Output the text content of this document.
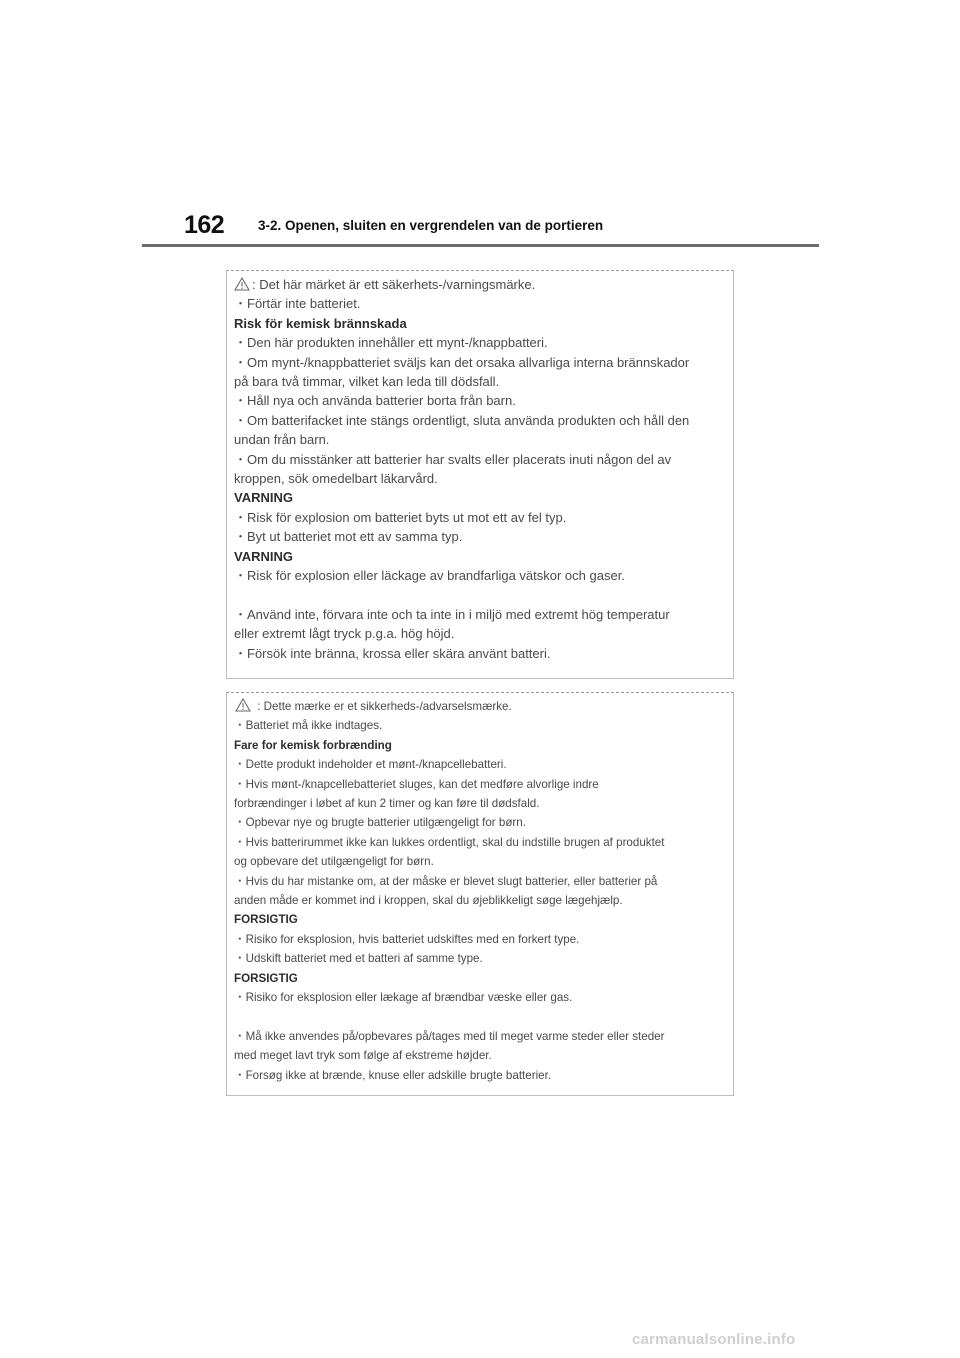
162	3-2. Openen, sluiten en vergrendelen van de portieren
: Det här märket är ett säkerhets-/varningsmärke.
・Förtär inte batteriet.
Risk för kemisk brännskada
・Den här produkten innehåller ett mynt-/knappbatteri.
・Om mynt-/knappbatteriet sväljs kan det orsaka allvarliga interna brännskador
på bara två timmar, vilket kan leda till dödsfall.
・Håll nya och använda batterier borta från barn.
・Om batterifacket inte stängs ordentligt, sluta använda produkten och håll den
undan från barn.
・Om du misstänker att batterier har svalts eller placerats inuti någon del av
kroppen, sök omedelbart läkarvård.
VARNING
・Risk för explosion om batteriet byts ut mot ett av fel typ.
・Byt ut batteriet mot ett av samma typ.
VARNING
・Risk för explosion eller läckage av brandfarliga vätskor och gaser.
・Använd inte, förvara inte och ta inte in i miljö med extremt hög temperatur
eller extremt lågt tryck p.g.a. hög höjd.
・Försök inte bränna, krossa eller skära använt batteri.
: Dette mærke er et sikkerheds-/advarselsmærke.
・Batteriet må ikke indtages.
Fare for kemisk forbrænding
・Dette produkt indeholder et mønt-/knapcellebatteri.
・Hvis mønt-/knapcellebatteriet sluges, kan det medføre alvorlige indre
forbrændinger i løbet af kun 2 timer og kan føre til dødsfald.
・Opbevar nye og brugte batterier utilgængeligt for børn.
・Hvis batterirummet ikke kan lukkes ordentligt, skal du indstille brugen af produktet
og opbevare det utilgængeligt for børn.
・Hvis du har mistanke om, at der måske er blevet slugt batterier, eller batterier på
anden måde er kommet ind i kroppen, skal du øjeblikkeligt søge lægehjælp.
FORSIGTIG
・Risiko for eksplosion, hvis batteriet udskiftes med en forkert type.
・Udskift batteriet med et batteri af samme type.
FORSIGTIG
・Risiko for eksplosion eller lækage af brændbar væske eller gas.
・Må ikke anvendes på/opbevares på/tages med til meget varme steder eller steder
med meget lavt tryk som følge af ekstreme højder.
・Forsøg ikke at brænde, knuse eller adskille brugte batterier.
carmanualsonline.info
